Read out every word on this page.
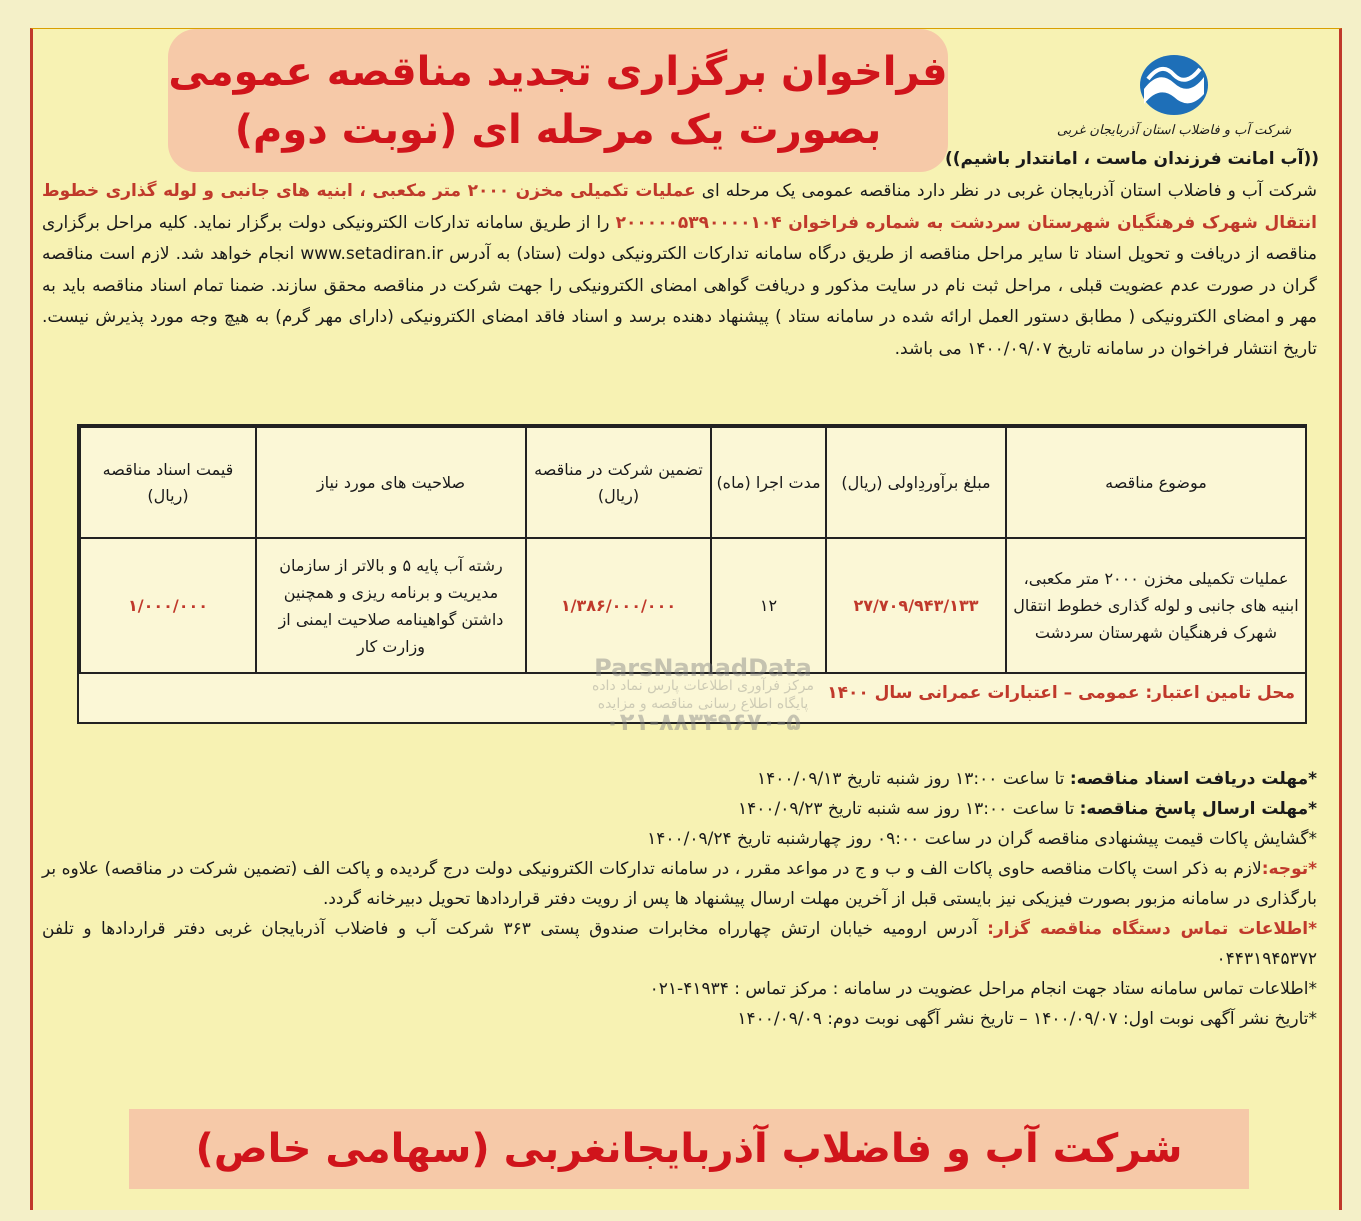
فراخوان برگزاری تجدید مناقصه عمومی
بصورت یک مرحله ای (نوبت دوم)	شرکت آب و فاضلاب استان آذربایجان غربی
((آب امانت فرزندان ماست ، امانتدار باشیم))
شرکت آب و فاضلاب استان آذربایجان غربی در نظر دارد مناقصه عمومی یک مرحله ای عملیات تکمیلی مخزن ۲۰۰۰ متر مکعبی ، ابنیه های جانبی و لوله گذاری خطوط انتقال شهرک فرهنگیان شهرستان سردشت به شماره فراخوان ۲۰۰۰۰۰۵۳۹۰۰۰۰۱۰۴ را از طریق سامانه تدارکات الکترونیکی دولت برگزار نماید. کلیه مراحل برگزاری مناقصه از دریافت و تحویل اسناد تا سایر مراحل مناقصه از طریق درگاه سامانه تدارکات الکترونیکی دولت (ستاد) به آدرس www.setadiran.ir انجام خواهد شد. لازم است مناقصه گران در صورت عدم عضویت قبلی ، مراحل ثبت نام در سایت مذکور و دریافت گواهی امضای الکترونیکی را جهت شرکت در مناقصه محقق سازند. ضمنا تمام اسناد مناقصه باید به مهر و امضای الکترونیکی ( مطابق دستور العمل ارائه شده در سامانه ستاد ) پیشنهاد دهنده برسد و اسناد فاقد امضای الکترونیکی (دارای مهر گرم) به هیچ وجه مورد پذیرش نیست. تاریخ انتشار فراخوان در سامانه تاریخ ۱۴۰۰/۰۹/۰۷ می باشد.
موضوع مناقصه	مبلغ برآوردِاولی (ریال)	مدت اجرا (ماه)	تضمین شرکت در مناقصه (ریال)	صلاحیت های مورد نیاز	قیمت اسناد مناقصه (ریال)
عملیات تکمیلی مخزن ۲۰۰۰ متر مکعبی، ابنیه های جانبی و لوله گذاری خطوط انتقال شهرک فرهنگیان شهرستان سردشت	۲۷/۷۰۹/۹۴۳/۱۳۳	۱۲	۱/۳۸۶/۰۰۰/۰۰۰	رشته آب پایه ۵ و بالاتر از سازمان مدیریت و برنامه ریزی و همچنین داشتن گواهینامه صلاحیت ایمنی از وزارت کار	۱/۰۰۰/۰۰۰
محل تامین اعتبار: عمومی – اعتبارات عمرانی سال ۱۴۰۰
ParsNamadData
مرکز فرآوری اطلاعات پارس نماد داده
پایگاه اطلاع رسانی مناقصه و مزایده
۰۲۱-۸۸۳۴۹۶۷۰-۵
*مهلت دریافت اسناد مناقصه: تا ساعت ۱۳:۰۰ روز شنبه تاریخ ۱۴۰۰/۰۹/۱۳
*مهلت ارسال پاسخ مناقصه: تا ساعت ۱۳:۰۰ روز سه شنبه تاریخ ۱۴۰۰/۰۹/۲۳
*گشایش پاکات قیمت پیشنهادی مناقصه گران در ساعت ۰۹:۰۰ روز چهارشنبه تاریخ ۱۴۰۰/۰۹/۲۴
*توجه:لازم به ذکر است پاکات مناقصه حاوی پاکات الف و ب و ج در مواعد مقرر ، در سامانه تدارکات الکترونیکی دولت درج گردیده و پاکت الف (تضمین شرکت در مناقصه) علاوه بر بارگذاری در سامانه مزبور بصورت فیزیکی نیز بایستی قبل از آخرین مهلت ارسال پیشنهاد ها پس از رویت دفتر قراردادها تحویل دبیرخانه گردد.
*اطلاعات تماس دستگاه مناقصه گزار: آدرس ارومیه خیابان ارتش چهارراه مخابرات صندوق پستی ۳۶۳ شرکت آب و فاضلاب آذربایجان غربی دفتر قراردادها و تلفن ۰۴۴۳۱۹۴۵۳۷۲
*اطلاعات تماس سامانه ستاد جهت انجام مراحل عضویت در سامانه : مرکز تماس : ۴۱۹۳۴-۰۲۱
*تاریخ نشر آگهی نوبت اول: ۱۴۰۰/۰۹/۰۷ – تاریخ نشر آگهی نوبت دوم: ۱۴۰۰/۰۹/۰۹
شرکت آب و فاضلاب آذربایجانغربی (سهامی خاص)
